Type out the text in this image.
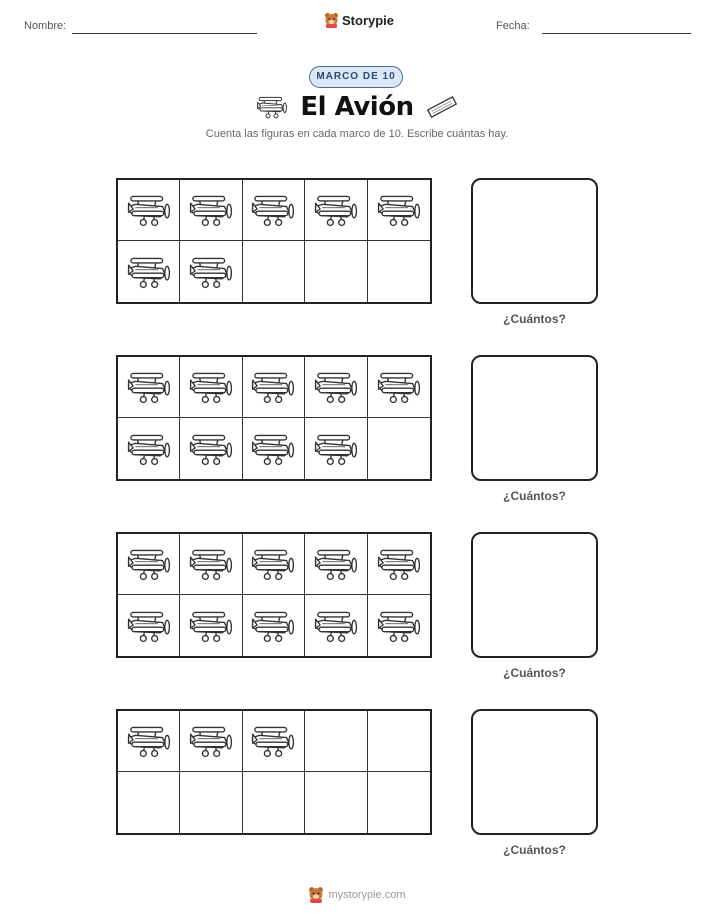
Nombre:	Storypie	Fecha:
MARCO DE 10
El Avión
Cuenta las figuras en cada marco de 10. Escribe cuántas hay.
¿Cuántos?
¿Cuántos?
¿Cuántos?
¿Cuántos?
mystorypie.com
